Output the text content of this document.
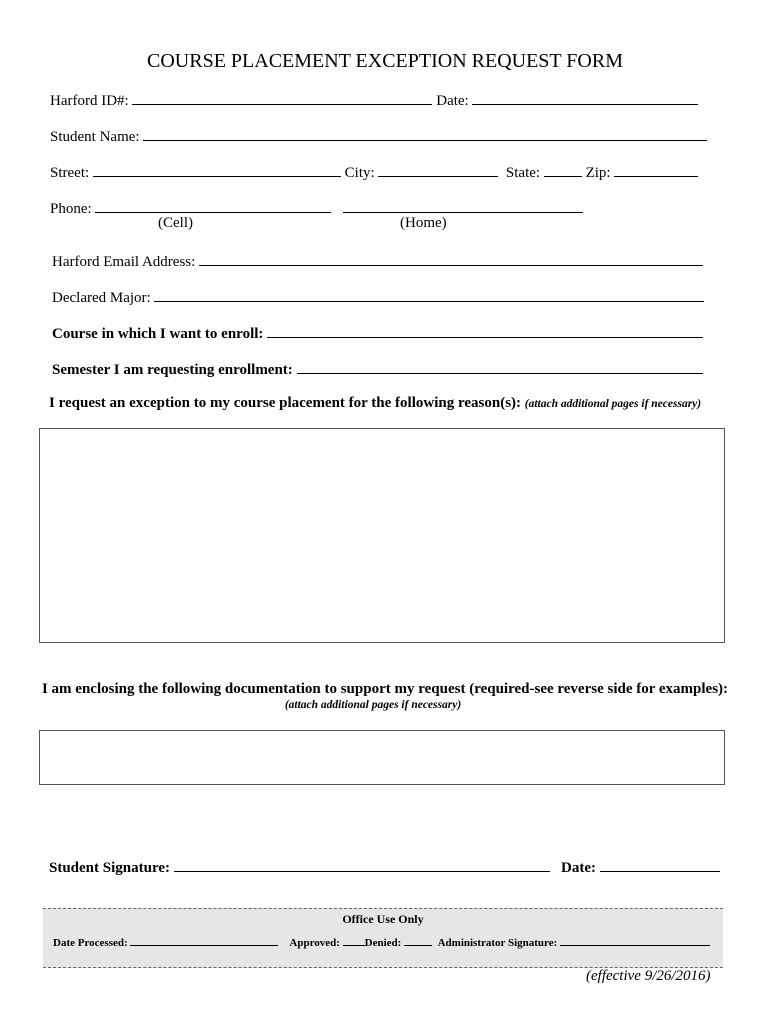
COURSE PLACEMENT EXCEPTION REQUEST FORM
Harford ID#:	Date:
Student Name:
Street:	City:	State:	Zip:
Phone:
(Cell)	(Home)
Harford Email Address:
Declared Major:
Course in which I want to enroll:
Semester I am requesting enrollment:
I request an exception to my course placement for the following reason(s): (attach additional pages if necessary)
I am enclosing the following documentation to support my request (required-see reverse side for examples):
(attach additional pages if necessary)
Student Signature:	Date:
Office Use Only
Date Processed:	Approved: Denied:	Administrator Signature:
(effective 9/26/2016)
